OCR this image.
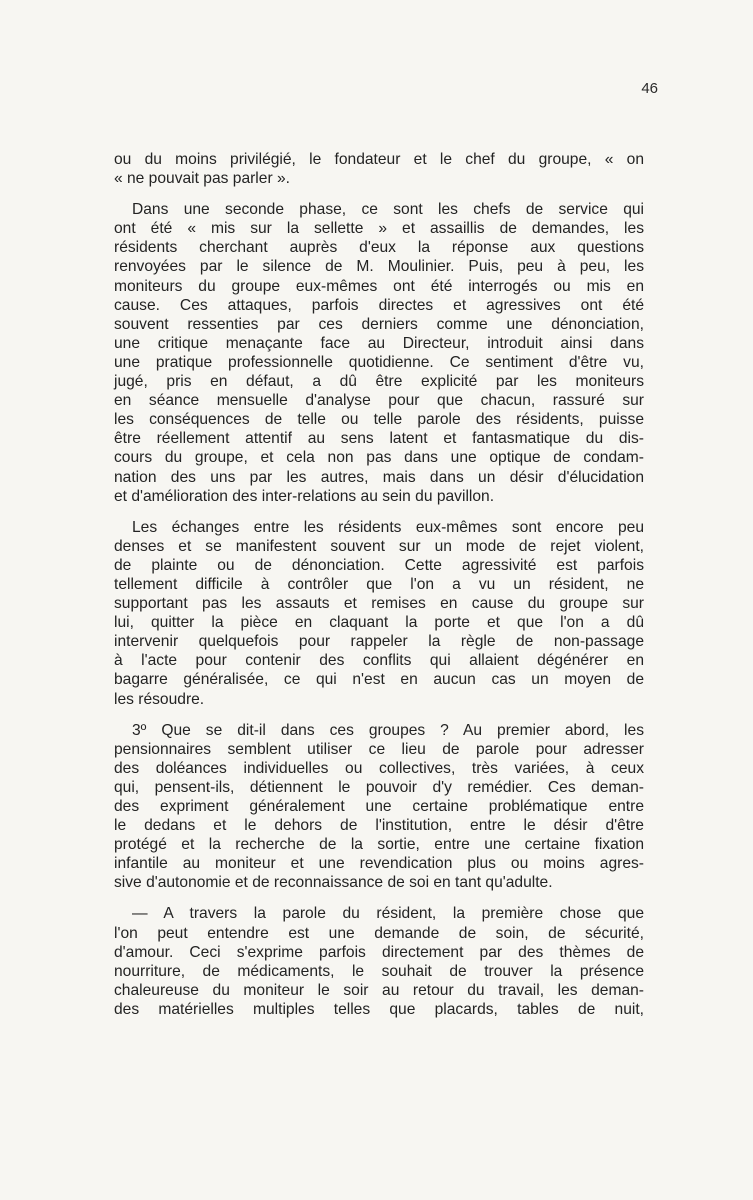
46
ou du moins privilégié, le fondateur et le chef du groupe, « on
« ne pouvait pas parler ».
Dans une seconde phase, ce sont les chefs de service qui
ont été « mis sur la sellette » et assaillis de demandes, les
résidents cherchant auprès d'eux la réponse aux questions
renvoyées par le silence de M. Moulinier. Puis, peu à peu, les
moniteurs du groupe eux-mêmes ont été interrogés ou mis en
cause. Ces attaques, parfois directes et agressives ont été
souvent ressenties par ces derniers comme une dénonciation,
une critique menaçante face au Directeur, introduit ainsi dans
une pratique professionnelle quotidienne. Ce sentiment d'être vu,
jugé, pris en défaut, a dû être explicité par les moniteurs
en séance mensuelle d'analyse pour que chacun, rassuré sur
les conséquences de telle ou telle parole des résidents, puisse
être réellement attentif au sens latent et fantasmatique du dis-
cours du groupe, et cela non pas dans une optique de condam-
nation des uns par les autres, mais dans un désir d'élucidation
et d'amélioration des inter-relations au sein du pavillon.
Les échanges entre les résidents eux-mêmes sont encore peu
denses et se manifestent souvent sur un mode de rejet violent,
de plainte ou de dénonciation. Cette agressivité est parfois
tellement difficile à contrôler que l'on a vu un résident, ne
supportant pas les assauts et remises en cause du groupe sur
lui, quitter la pièce en claquant la porte et que l'on a dû
intervenir quelquefois pour rappeler la règle de non-passage
à l'acte pour contenir des conflits qui allaient dégénérer en
bagarre généralisée, ce qui n'est en aucun cas un moyen de
les résoudre.
3º Que se dit-il dans ces groupes ? Au premier abord, les
pensionnaires semblent utiliser ce lieu de parole pour adresser
des doléances individuelles ou collectives, très variées, à ceux
qui, pensent-ils, détiennent le pouvoir d'y remédier. Ces deman-
des expriment généralement une certaine problématique entre
le dedans et le dehors de l'institution, entre le désir d'être
protégé et la recherche de la sortie, entre une certaine fixation
infantile au moniteur et une revendication plus ou moins agres-
sive d'autonomie et de reconnaissance de soi en tant qu'adulte.
— A travers la parole du résident, la première chose que
l'on peut entendre est une demande de soin, de sécurité,
d'amour. Ceci s'exprime parfois directement par des thèmes de
nourriture, de médicaments, le souhait de trouver la présence
chaleureuse du moniteur le soir au retour du travail, les deman-
des matérielles multiples telles que placards, tables de nuit,
